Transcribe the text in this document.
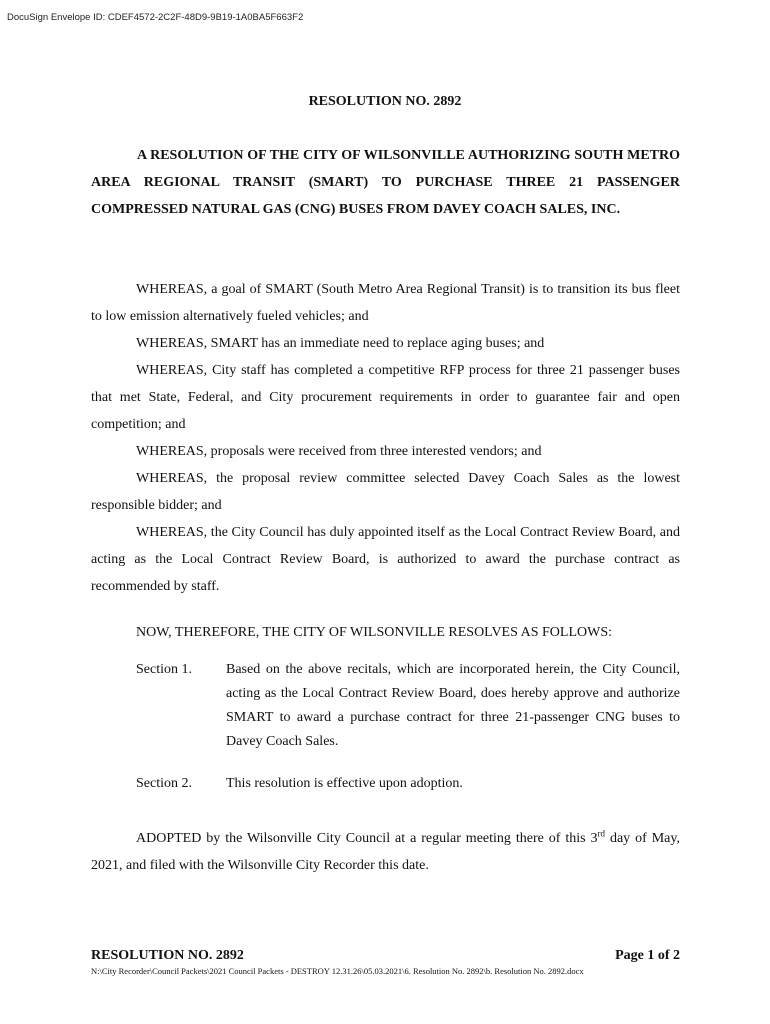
DocuSign Envelope ID: CDEF4572-2C2F-48D9-9B19-1A0BA5F663F2
RESOLUTION NO. 2892

A RESOLUTION OF THE CITY OF WILSONVILLE AUTHORIZING SOUTH METRO AREA REGIONAL TRANSIT (SMART) TO PURCHASE THREE 21 PASSENGER COMPRESSED NATURAL GAS (CNG) BUSES FROM DAVEY COACH SALES, INC.

WHEREAS, a goal of SMART (South Metro Area Regional Transit) is to transition its bus fleet to low emission alternatively fueled vehicles; and

WHEREAS, SMART has an immediate need to replace aging buses; and

WHEREAS, City staff has completed a competitive RFP process for three 21 passenger buses that met State, Federal, and City procurement requirements in order to guarantee fair and open competition; and

WHEREAS, proposals were received from three interested vendors; and

WHEREAS, the proposal review committee selected Davey Coach Sales as the lowest responsible bidder; and

WHEREAS, the City Council has duly appointed itself as the Local Contract Review Board, and acting as the Local Contract Review Board, is authorized to award the purchase contract as recommended by staff.

NOW, THEREFORE, THE CITY OF WILSONVILLE RESOLVES AS FOLLOWS:
Section 1. Based on the above recitals, which are incorporated herein, the City Council, acting as the Local Contract Review Board, does hereby approve and authorize SMART to award a purchase contract for three 21-passenger CNG buses to Davey Coach Sales.
Section 2. This resolution is effective upon adoption.

ADOPTED by the Wilsonville City Council at a regular meeting there of this 3rd day of May, 2021, and filed with the Wilsonville City Recorder this date.

RESOLUTION NO. 2892	Page 1 of 2
N:\City Recorder\Council Packets\2021 Council Packets - DESTROY 12.31.26\05.03.2021\6. Resolution No. 2892\b. Resolution No. 2892.docx
